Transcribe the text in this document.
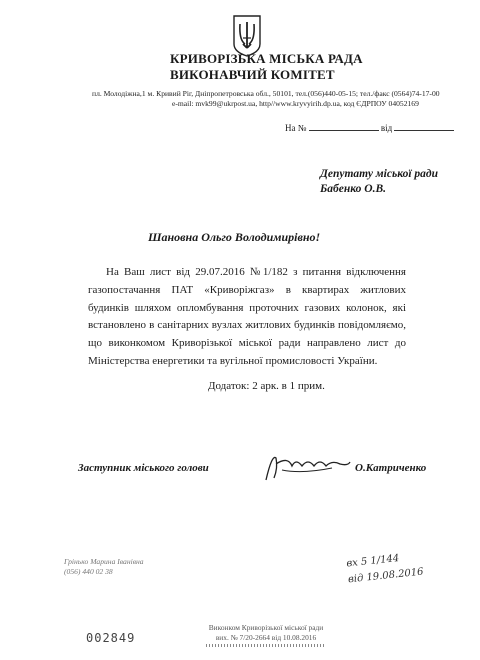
КРИВОРІЗЬКА МІСЬКА РАДА
ВИКОНАВЧИЙ КОМІТЕТ
пл. Молодіжна,1 м. Кривий Ріг, Дніпропетровська обл., 50101, тел.(056)440-05-15; тел./факс (0564)74-17-00
e-mail: mvk99@ukrpost.ua, http//www.kryvyirih.dp.ua, код ЄДРПОУ 04052169
На №	від
Депутату міської ради
Бабенко О.В.
Шановна Ольго Володимирівно!
На Ваш лист від 29.07.2016 №1/182 з питання відключення газопостачання ПАТ «Криворіжгаз» в квартирах житлових будинків шляхом опломбування проточних газових колонок, які встановлено в санітарних вузлах житлових будинків повідомляємо, що виконкомом Криворізької міської ради направлено лист до Міністерства енергетики та вугільної промисловості України.
Додаток: 2 арк. в 1 прим.
Заступник міського голови	О.Катриченко
Грінько Марина Іванівна
(056) 440 02 38
вх 5 1/144
від 19.08.2016
002849
Виконком Криворізької міської ради
вих. № 7/20-2664 від 10.08.2016
